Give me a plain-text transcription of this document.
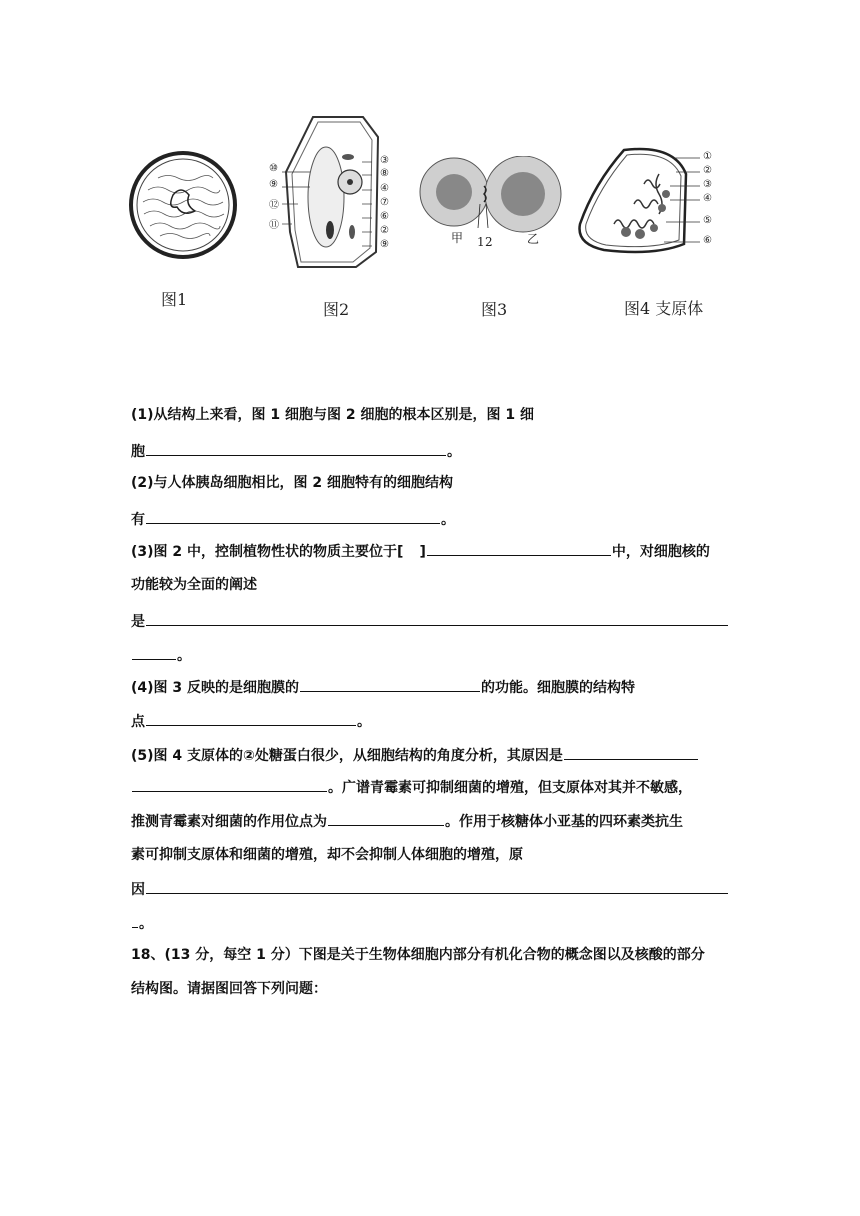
图1
⑩
⑨
⑫
⑪
③
⑧
④
⑦
⑥
②
⑨
图2
甲 1 2	乙
图3
①
②
③
④
⑤
⑥
图4 支原体
(1)从结构上来看，图 1 细胞与图 2 细胞的根本区别是，图 1 细
胞	。
(2)与人体胰岛细胞相比，图 2 细胞特有的细胞结构
有	。
(3)图 2 中，控制植物性状的物质主要位于[ ]	中，对细胞核的
功能较为全面的阐述
是
。
(4)图 3 反映的是细胞膜的	的功能。细胞膜的结构特
点	。
(5)图 4 支原体的②处糖蛋白很少，从细胞结构的角度分析，其原因是
。广谱青霉素可抑制细菌的增殖，但支原体对其并不敏感，
推测青霉素对细菌的作用位点为	。作用于核糖体小亚基的四环素类抗生
素可抑制支原体和细菌的增殖，却不会抑制人体细胞的增殖，原
因
。
18、(13 分，每空 1 分）下图是关于生物体细胞内部分有机化合物的概念图以及核酸的部分
结构图。请据图回答下列问题：
